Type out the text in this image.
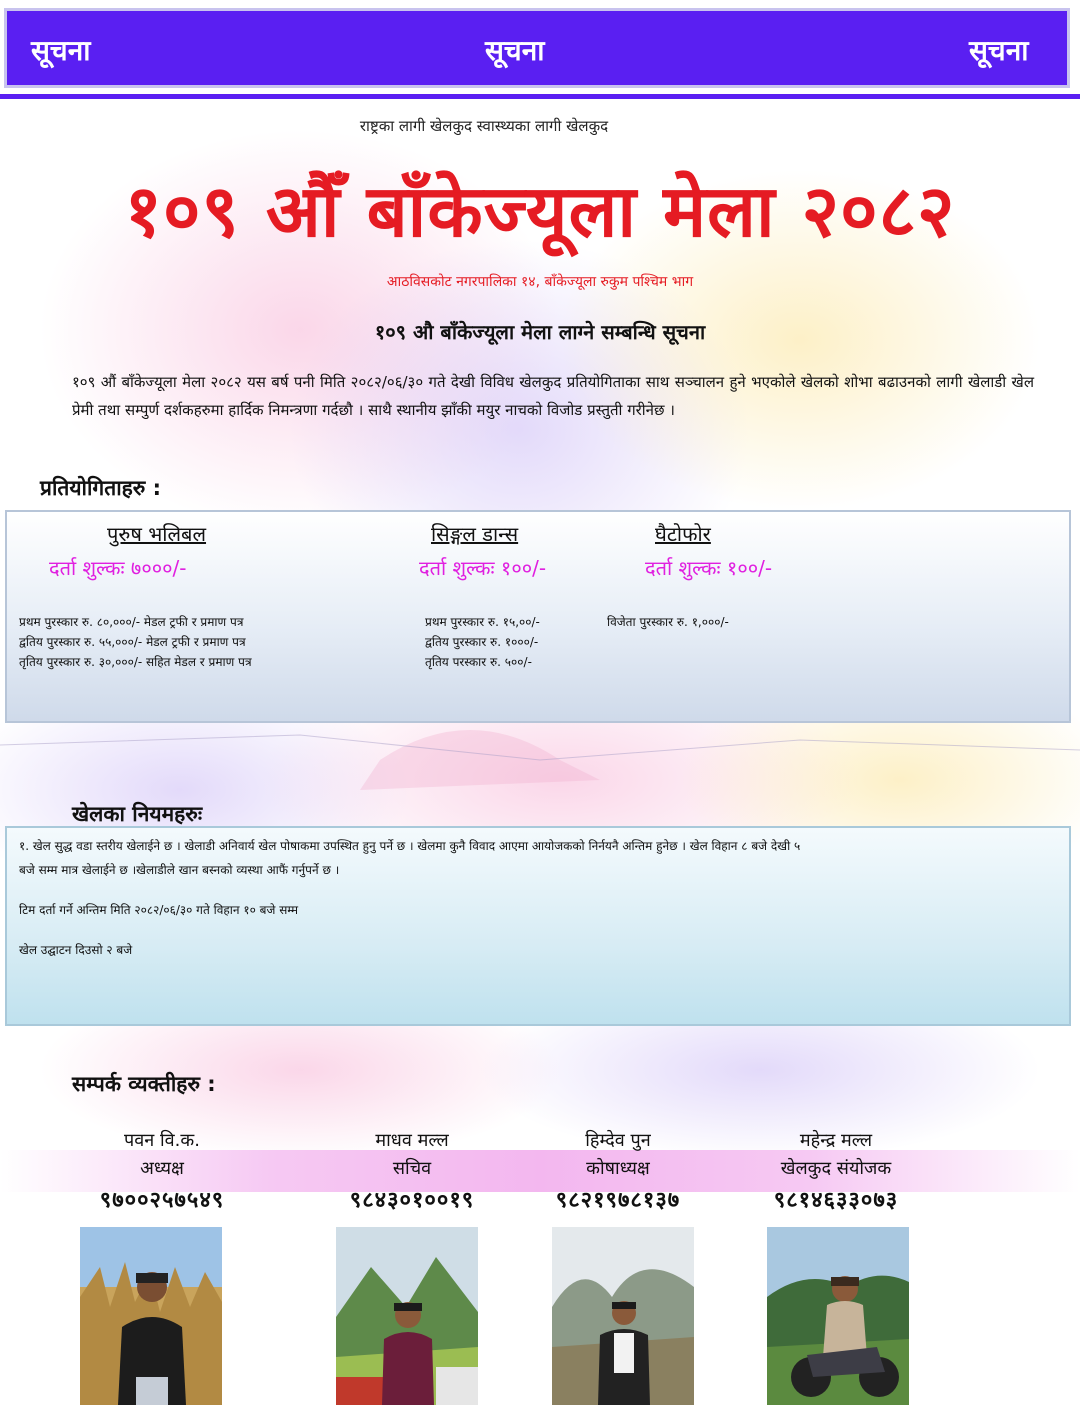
सूचना	सूचना	सूचना
राष्ट्रका लागी खेलकुद स्वास्थ्यका लागी खेलकुद
१०९ औँ बाँकेज्यूला मेला २०८२
आठविसकोट नगरपालिका १४, बाँकेज्यूला रुकुम पश्चिम भाग
१०९ औ बाँकेज्यूला मेला लाग्ने सम्बन्धि सूचना
१०९ औं बाँकेज्यूला मेला २०८२ यस बर्ष पनी मिति २०८२/०६/३० गते देखी विविध खेलकुद प्रतियोगिताका साथ सञ्चालन हुने भएकोले खेलको शोभा बढाउनको लागी खेलाडी खेल प्रेमी तथा सम्पुर्ण दर्शकहरुमा हार्दिक निमन्त्रणा गर्दछौ । साथै स्थानीय झाँकी मयुर नाचको विजोड प्रस्तुती गरीनेछ ।
प्रतियोगिताहरु :
पुरुष भलिबल
दर्ता शुल्कः ७०००/-
प्रथम पुरस्कार रु. ८०,०००/- मेडल ट्रफी र प्रमाण पत्र
द्वतिय पुरस्कार रु. ५५,०००/- मेडल ट्रफी र प्रमाण पत्र
तृतिय पुरस्कार रु. ३०,०००/- सहित मेडल र प्रमाण पत्र
सिङ्गल डान्स
दर्ता शुल्कः १००/-
प्रथम पुरस्कार रु. १५,००/-
द्वतिय पुरस्कार रु. १०००/-
तृतिय परस्कार रु. ५००/-
घैटोफोर
दर्ता शुल्कः १००/-
विजेता पुरस्कार रु. १,०००/-
खेलका नियमहरुः
१. खेल सुद्ध वडा स्तरीय खेलाईने छ । खेलाडी अनिवार्य खेल पोषाकमा उपस्थित हुनु पर्ने छ । खेलमा कुनै विवाद आएमा आयोजकको निर्नयनै अन्तिम हुनेछ । खेल विहान ८ बजे देखी ५
बजे सम्म मात्र खेलाईने छ ।खेलाडीले खान बस्नको व्यस्था आफैं गर्नुपर्ने छ ।
टिम दर्ता गर्ने अन्तिम मिति २०८२/०६/३० गते विहान १० बजे सम्म
खेल उद्घाटन दिउसो २ बजे
सम्पर्क व्यक्तीहरु :
पवन वि.क.
अध्यक्ष
९७००२५७५४९
माधव मल्ल
सचिव
९८४३०१००१९
हिम्देव पुन
कोषाध्यक्ष
९८२१९७८१३७
महेन्द्र मल्ल
खेलकुद संयोजक
९८१४६३३०७३
